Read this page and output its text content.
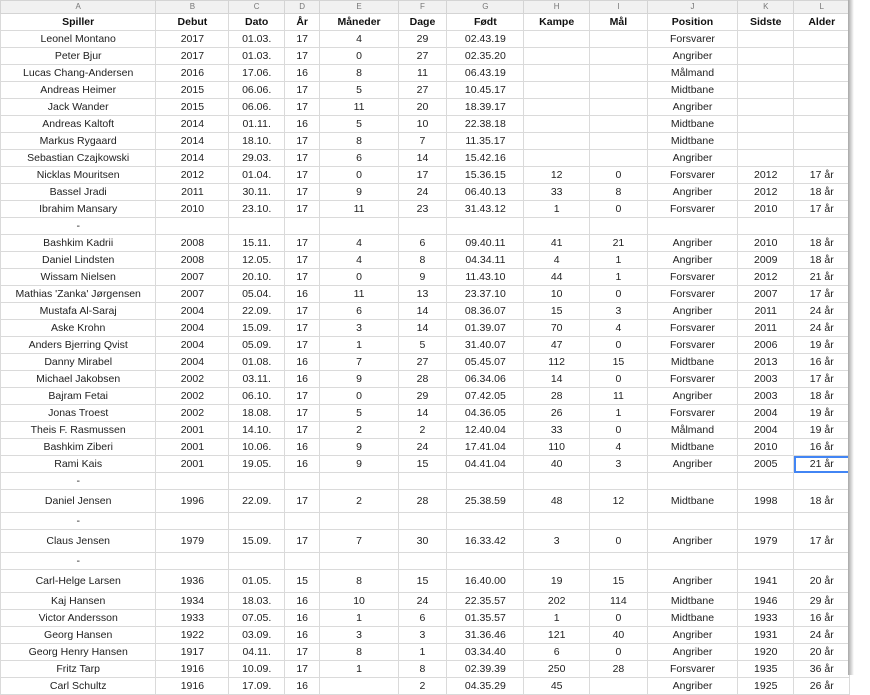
A	B	C	D	E	F	G	H	I	J	K	L
Spiller	Debut	Dato	År	Måneder	Dage	Født	Kampe	Mål	Position	Sidste	Alder
Leonel Montano	2017	01.03.	17	4	29	02.43.19			Forsvarer		
Peter Bjur	2017	01.03.	17	0	27	02.35.20			Angriber		
Lucas Chang-Andersen	2016	17.06.	16	8	11	06.43.19			Målmand		
Andreas Heimer	2015	06.06.	17	5	27	10.45.17			Midtbane		
Jack Wander	2015	06.06.	17	11	20	18.39.17			Angriber		
Andreas Kaltoft	2014	01.11.	16	5	10	22.38.18			Midtbane		
Markus Rygaard	2014	18.10.	17	8	7	11.35.17			Midtbane		
Sebastian Czajkowski	2014	29.03.	17	6	14	15.42.16			Angriber		
Nicklas Mouritsen	2012	01.04.	17	0	17	15.36.15	12	0	Forsvarer	2012	17 år
Bassel Jradi	2011	30.11.	17	9	24	06.40.13	33	8	Angriber	2012	18 år
Ibrahim Mansary	2010	23.10.	17	11	23	31.43.12	1	0	Forsvarer	2010	17 år
-											
Bashkim Kadrii	2008	15.11.	17	4	6	09.40.11	41	21	Angriber	2010	18 år
Daniel Lindsten	2008	12.05.	17	4	8	04.34.11	4	1	Angriber	2009	18 år
Wissam Nielsen	2007	20.10.	17	0	9	11.43.10	44	1	Forsvarer	2012	21 år
Mathias 'Zanka' Jørgensen	2007	05.04.	16	11	13	23.37.10	10	0	Forsvarer	2007	17 år
Mustafa Al-Saraj	2004	22.09.	17	6	14	08.36.07	15	3	Angriber	2011	24 år
Aske Krohn	2004	15.09.	17	3	14	01.39.07	70	4	Forsvarer	2011	24 år
Anders Bjerring Qvist	2004	05.09.	17	1	5	31.40.07	47	0	Forsvarer	2006	19 år
Danny Mirabel	2004	01.08.	16	7	27	05.45.07	112	15	Midtbane	2013	16 år
Michael Jakobsen	2002	03.11.	16	9	28	06.34.06	14	0	Forsvarer	2003	17 år
Bajram Fetai	2002	06.10.	17	0	29	07.42.05	28	11	Angriber	2003	18 år
Jonas Troest	2002	18.08.	17	5	14	04.36.05	26	1	Forsvarer	2004	19 år
Theis F. Rasmussen	2001	14.10.	17	2	2	12.40.04	33	0	Målmand	2004	19 år
Bashkim Ziberi	2001	10.06.	16	9	24	17.41.04	110	4	Midtbane	2010	16 år
Rami Kais	2001	19.05.	16	9	15	04.41.04	40	3	Angriber	2005	21 år
-											
Daniel Jensen	1996	22.09.	17	2	28	25.38.59	48	12	Midtbane	1998	18 år
-											
Claus Jensen	1979	15.09.	17	7	30	16.33.42	3	0	Angriber	1979	17 år
-											
Carl-Helge Larsen	1936	01.05.	15	8	15	16.40.00	19	15	Angriber	1941	20 år
Kaj Hansen	1934	18.03.	16	10	24	22.35.57	202	114	Midtbane	1946	29 år
Victor Andersson	1933	07.05.	16	1	6	01.35.57	1	0	Midtbane	1933	16 år
Georg Hansen	1922	03.09.	16	3	3	31.36.46	121	40	Angriber	1931	24 år
Georg Henry Hansen	1917	04.11.	17	8	1	03.34.40	6	0	Angriber	1920	20 år
Fritz Tarp	1916	10.09.	17	1	8	02.39.39	250	28	Forsvarer	1935	36 år
Carl Schultz	1916	17.09.	16		2	04.35.29	45		Angriber	1925	26 år
